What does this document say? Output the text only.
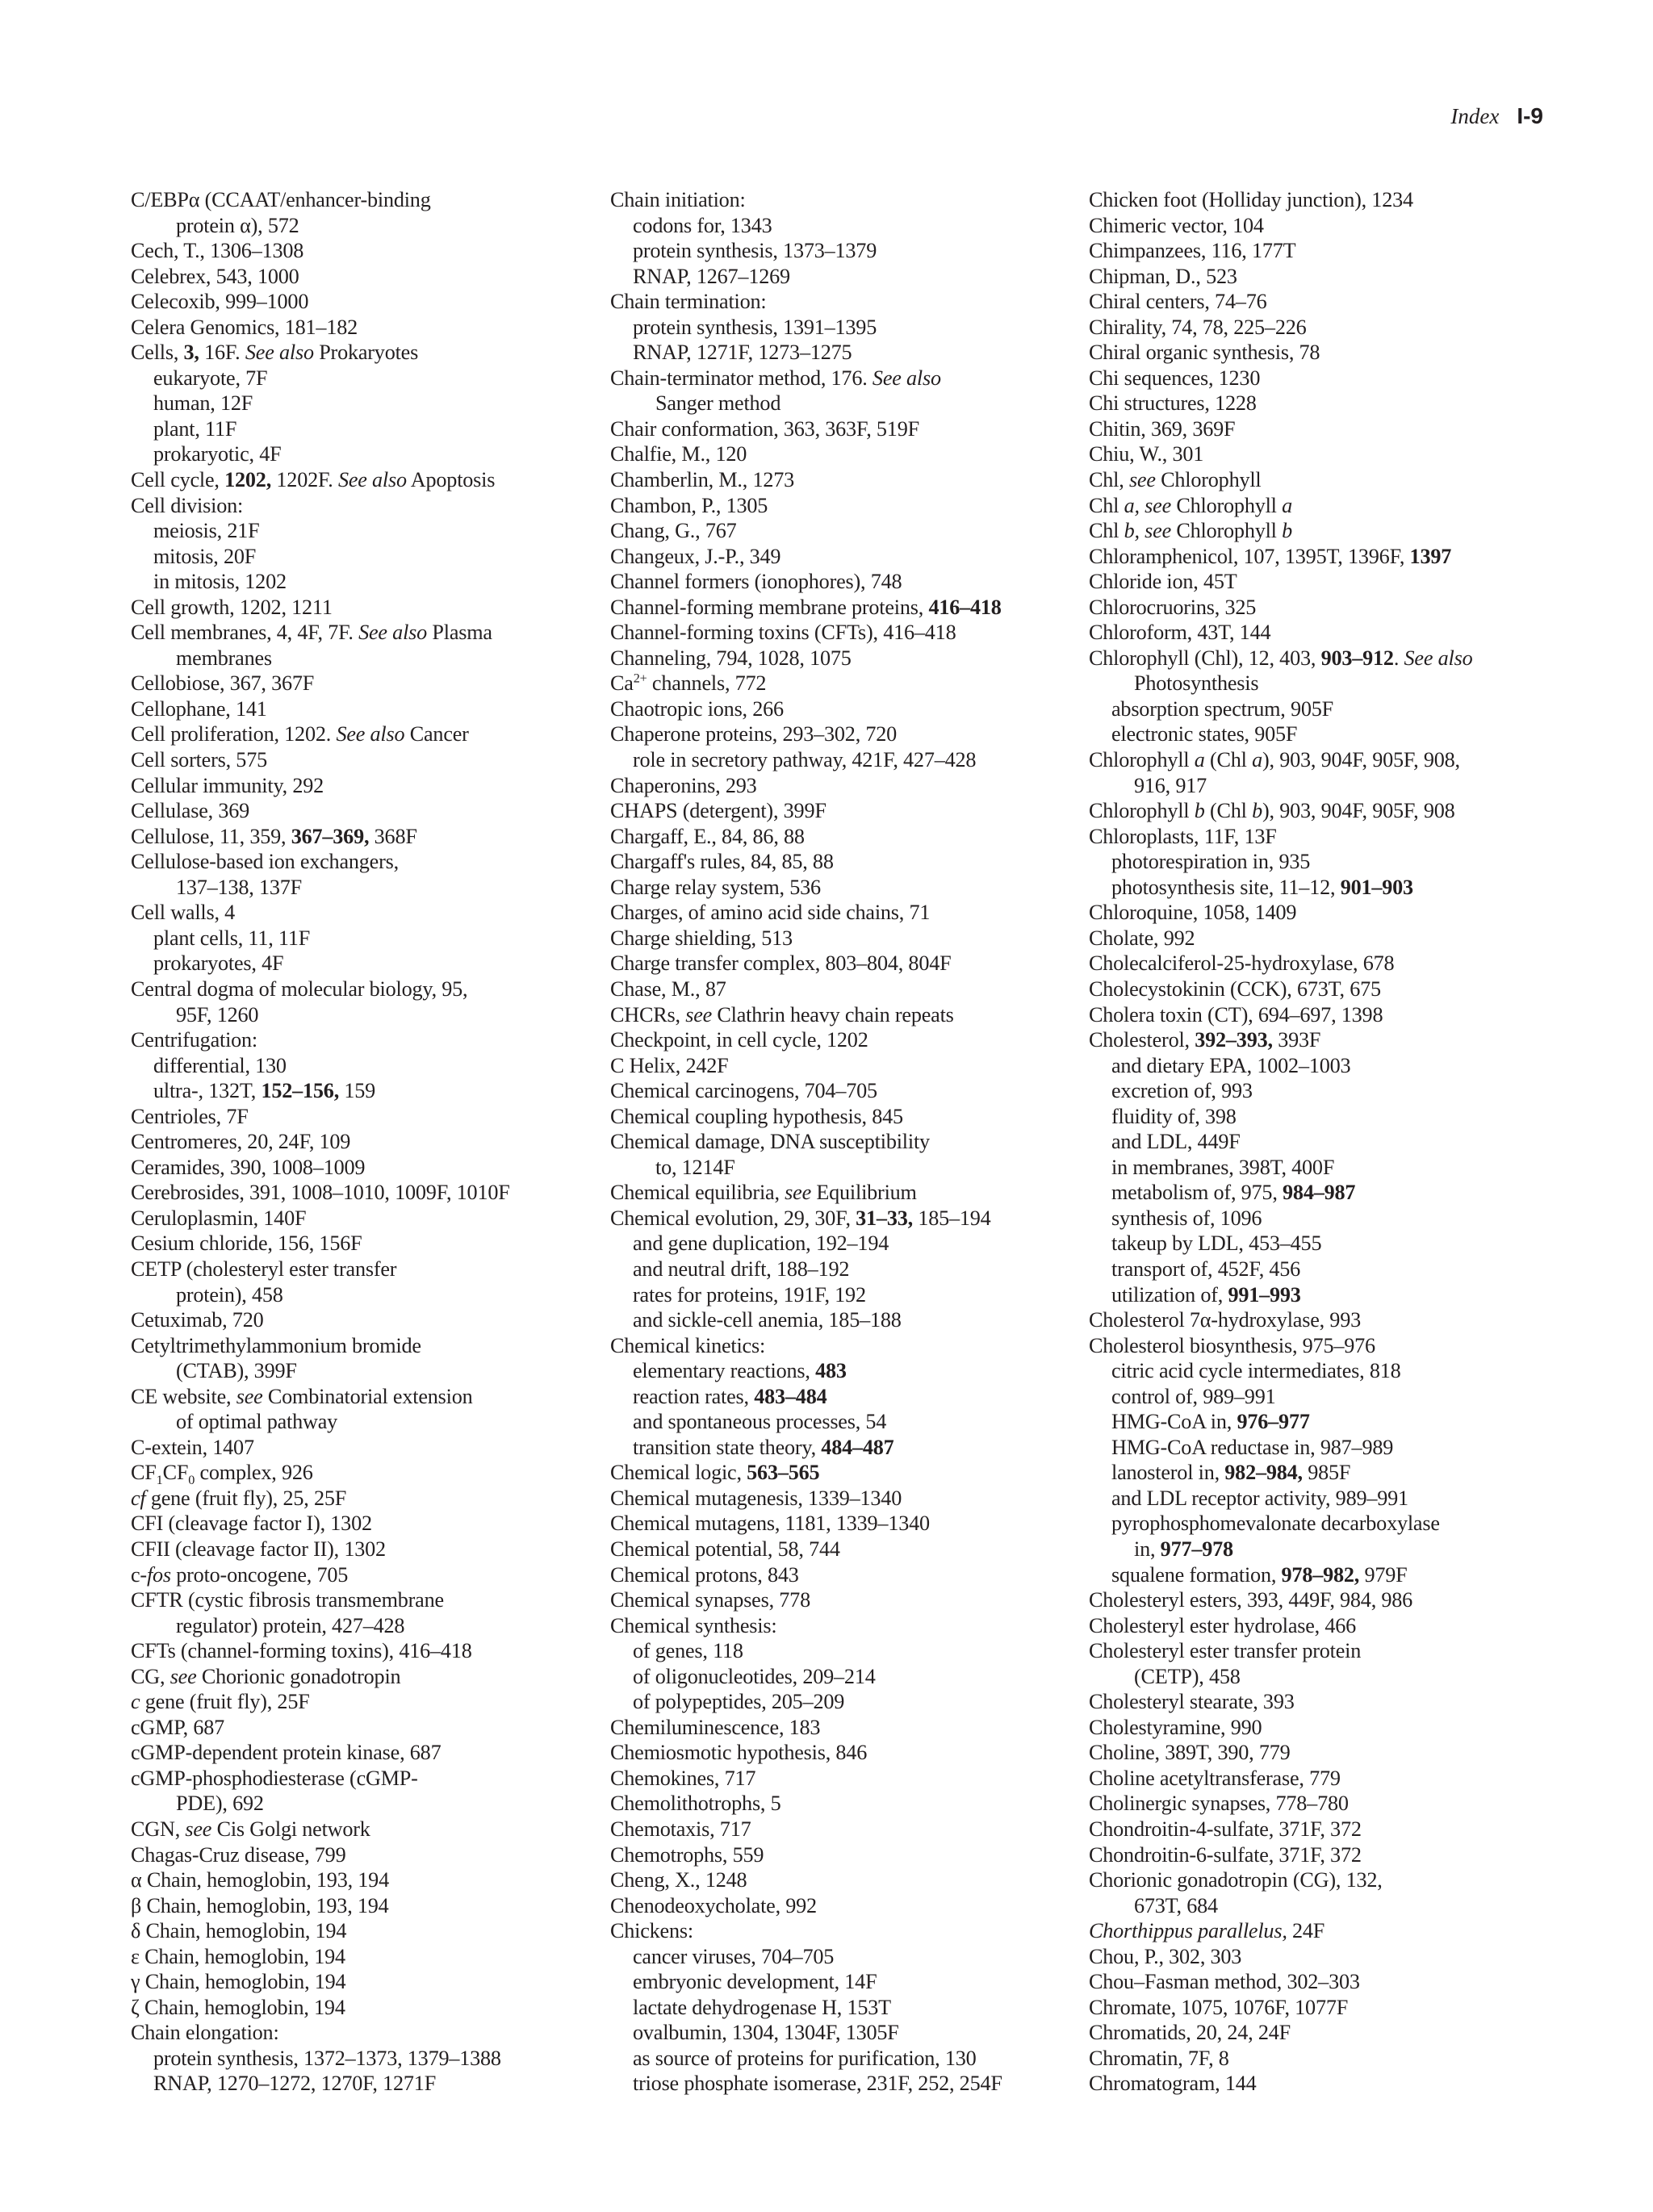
Index I-9
C/EBPα (CCAAT/enhancer-binding
protein α), 572
Cech, T., 1306–1308
Celebrex, 543, 1000
Celecoxib, 999–1000
Celera Genomics, 181–182
Cells, 3, 16F. See also Prokaryotes
eukaryote, 7F
human, 12F
plant, 11F
prokaryotic, 4F
Cell cycle, 1202, 1202F. See also Apoptosis
Cell division:
meiosis, 21F
mitosis, 20F
in mitosis, 1202
Cell growth, 1202, 1211
Cell membranes, 4, 4F, 7F. See also Plasma
membranes
Cellobiose, 367, 367F
Cellophane, 141
Cell proliferation, 1202. See also Cancer
Cell sorters, 575
Cellular immunity, 292
Cellulase, 369
Cellulose, 11, 359, 367–369, 368F
Cellulose-based ion exchangers,
137–138, 137F
Cell walls, 4
plant cells, 11, 11F
prokaryotes, 4F
Central dogma of molecular biology, 95,
95F, 1260
Centrifugation:
differential, 130
ultra-, 132T, 152–156, 159
Centrioles, 7F
Centromeres, 20, 24F, 109
Ceramides, 390, 1008–1009
Cerebrosides, 391, 1008–1010, 1009F, 1010F
Ceruloplasmin, 140F
Cesium chloride, 156, 156F
CETP (cholesteryl ester transfer
protein), 458
Cetuximab, 720
Cetyltrimethylammonium bromide
(CTAB), 399F
CE website, see Combinatorial extension
of optimal pathway
C-extein, 1407
$CF_1CF_0$ complex, 926
cf gene (fruit fly), 25, 25F
CFI (cleavage factor I), 1302
CFII (cleavage factor II), 1302
c-fos proto-oncogene, 705
CFTR (cystic fibrosis transmembrane
regulator) protein, 427–428
CFTs (channel-forming toxins), 416–418
CG, see Chorionic gonadotropin
c gene (fruit fly), 25F
cGMP, 687
cGMP-dependent protein kinase, 687
cGMP-phosphodiesterase (cGMP-
PDE), 692
CGN, see Cis Golgi network
Chagas-Cruz disease, 799
α Chain, hemoglobin, 193, 194
β Chain, hemoglobin, 193, 194
δ Chain, hemoglobin, 194
ε Chain, hemoglobin, 194
γ Chain, hemoglobin, 194
ζ Chain, hemoglobin, 194
Chain elongation:
protein synthesis, 1372–1373, 1379–1388
RNAP, 1270–1272, 1270F, 1271F
Chain initiation:
codons for, 1343
protein synthesis, 1373–1379
RNAP, 1267–1269
Chain termination:
protein synthesis, 1391–1395
RNAP, 1271F, 1273–1275
Chain-terminator method, 176. See also
Sanger method
Chair conformation, 363, 363F, 519F
Chalfie, M., 120
Chamberlin, M., 1273
Chambon, P., 1305
Chang, G., 767
Changeux, J.-P., 349
Channel formers (ionophores), 748
Channel-forming membrane proteins, 416–418
Channel-forming toxins (CFTs), 416–418
Channeling, 794, 1028, 1075
$Ca^{2+}$ channels, 772
Chaotropic ions, 266
Chaperone proteins, 293–302, 720
role in secretory pathway, 421F, 427–428
Chaperonins, 293
CHAPS (detergent), 399F
Chargaff, E., 84, 86, 88
Chargaff's rules, 84, 85, 88
Charge relay system, 536
Charges, of amino acid side chains, 71
Charge shielding, 513
Charge transfer complex, 803–804, 804F
Chase, M., 87
CHCRs, see Clathrin heavy chain repeats
Checkpoint, in cell cycle, 1202
C Helix, 242F
Chemical carcinogens, 704–705
Chemical coupling hypothesis, 845
Chemical damage, DNA susceptibility
to, 1214F
Chemical equilibria, see Equilibrium
Chemical evolution, 29, 30F, 31–33, 185–194
and gene duplication, 192–194
and neutral drift, 188–192
rates for proteins, 191F, 192
and sickle-cell anemia, 185–188
Chemical kinetics:
elementary reactions, 483
reaction rates, 483–484
and spontaneous processes, 54
transition state theory, 484–487
Chemical logic, 563–565
Chemical mutagenesis, 1339–1340
Chemical mutagens, 1181, 1339–1340
Chemical potential, 58, 744
Chemical protons, 843
Chemical synapses, 778
Chemical synthesis:
of genes, 118
of oligonucleotides, 209–214
of polypeptides, 205–209
Chemiluminescence, 183
Chemiosmotic hypothesis, 846
Chemokines, 717
Chemolithotrophs, 5
Chemotaxis, 717
Chemotrophs, 559
Cheng, X., 1248
Chenodeoxycholate, 992
Chickens:
cancer viruses, 704–705
embryonic development, 14F
lactate dehydrogenase H, 153T
ovalbumin, 1304, 1304F, 1305F
as source of proteins for purification, 130
triose phosphate isomerase, 231F, 252, 254F
Chicken foot (Holliday junction), 1234
Chimeric vector, 104
Chimpanzees, 116, 177T
Chipman, D., 523
Chiral centers, 74–76
Chirality, 74, 78, 225–226
Chiral organic synthesis, 78
Chi sequences, 1230
Chi structures, 1228
Chitin, 369, 369F
Chiu, W., 301
Chl, see Chlorophyll
Chl a, see Chlorophyll a
Chl b, see Chlorophyll b
Chloramphenicol, 107, 1395T, 1396F, 1397
Chloride ion, 45T
Chlorocruorins, 325
Chloroform, 43T, 144
Chlorophyll (Chl), 12, 403, 903–912. See also
Photosynthesis
absorption spectrum, 905F
electronic states, 905F
Chlorophyll a (Chl a), 903, 904F, 905F, 908,
916, 917
Chlorophyll b (Chl b), 903, 904F, 905F, 908
Chloroplasts, 11F, 13F
photorespiration in, 935
photosynthesis site, 11–12, 901–903
Chloroquine, 1058, 1409
Cholate, 992
Cholecalciferol-25-hydroxylase, 678
Cholecystokinin (CCK), 673T, 675
Cholera toxin (CT), 694–697, 1398
Cholesterol, 392–393, 393F
and dietary EPA, 1002–1003
excretion of, 993
fluidity of, 398
and LDL, 449F
in membranes, 398T, 400F
metabolism of, 975, 984–987
synthesis of, 1096
takeup by LDL, 453–455
transport of, 452F, 456
utilization of, 991–993
Cholesterol 7α-hydroxylase, 993
Cholesterol biosynthesis, 975–976
citric acid cycle intermediates, 818
control of, 989–991
HMG-CoA in, 976–977
HMG-CoA reductase in, 987–989
lanosterol in, 982–984, 985F
and LDL receptor activity, 989–991
pyrophosphomevalonate decarboxylase
in, 977–978
squalene formation, 978–982, 979F
Cholesteryl esters, 393, 449F, 984, 986
Cholesteryl ester hydrolase, 466
Cholesteryl ester transfer protein
(CETP), 458
Cholesteryl stearate, 393
Cholestyramine, 990
Choline, 389T, 390, 779
Choline acetyltransferase, 779
Cholinergic synapses, 778–780
Chondroitin-4-sulfate, 371F, 372
Chondroitin-6-sulfate, 371F, 372
Chorionic gonadotropin (CG), 132,
673T, 684
Chorthippus parallelus, 24F
Chou, P., 302, 303
Chou–Fasman method, 302–303
Chromate, 1075, 1076F, 1077F
Chromatids, 20, 24, 24F
Chromatin, 7F, 8
Chromatogram, 144
